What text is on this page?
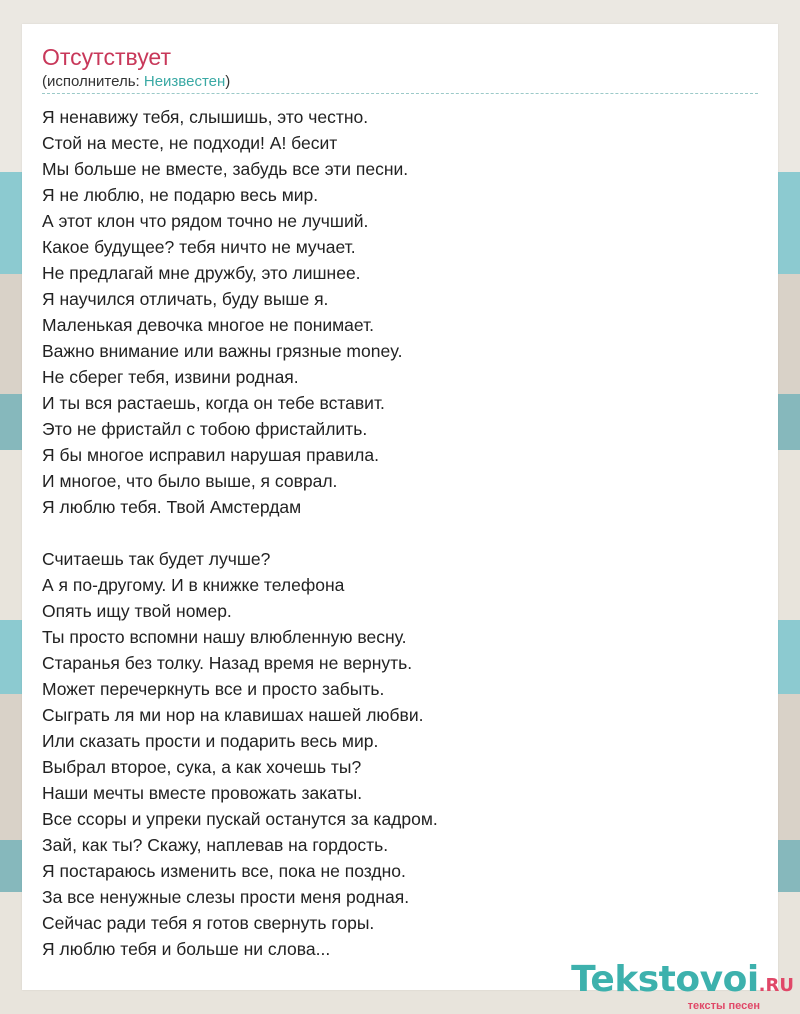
Отсутствует
(исполнитель: Неизвестен)
Я ненавижу тебя, слышишь, это честно.
Стой на месте, не подходи! А! бесит
Мы больше не вместе, забудь все эти песни.
Я не люблю, не подарю весь мир.
А этот клон что рядом точно не лучший.
Какое будущее? тебя ничто не мучает.
Не предлагай мне дружбу, это лишнее.
Я научился отличать, буду выше я.
Маленькая девочка многое не понимает.
Важно внимание или важны грязные money.
Не сберег тебя, извини родная.
И ты вся растаешь, когда он тебе вставит.
Это не фристайл с тобою фристайлить.
Я бы многое исправил нарушая правила.
И многое, что было выше, я соврал.
Я люблю тебя. Твой Амстердам
Считаешь так будет лучше?
А я по-другому. И в книжке телефона
Опять ищу твой номер.
Ты просто вспомни нашу влюбленную весну.
Старанья без толку. Назад время не вернуть.
Может перечеркнуть все и просто забыть.
Сыграть ля ми нор на клавишах нашей любви.
Или сказать прости и подарить весь мир.
Выбрал второе, сука, а как хочешь ты?
Наши мечты вместе провожать закаты.
Все ссоры и упреки пускай останутся за кадром.
Зай, как ты? Скажу, наплевав на гордость.
Я постараюсь изменить все, пока не поздно.
За все ненужные слезы прости меня родная.
Сейчас ради тебя я готов свернуть горы.
Я люблю тебя и больше ни слова...
Tekstovoi.RU
тексты песен
